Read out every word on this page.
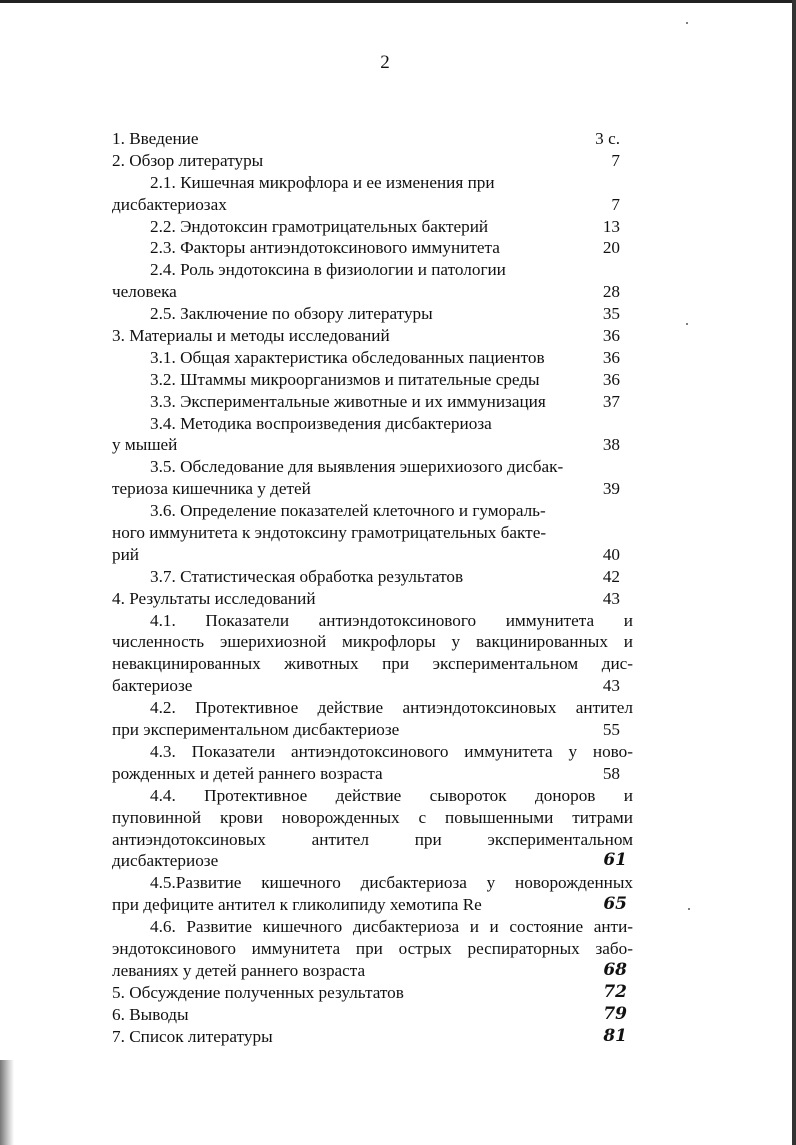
2
1. Введение	3 с.
2. Обзор литературы	7
2.1. Кишечная микрофлора и ее изменения при
дисбактериозах	7
2.2. Эндотоксин грамотрицательных бактерий	13
2.3. Факторы антиэндотоксинового иммунитета	20
2.4. Роль эндотоксина в физиологии и патологии
человека	28
2.5. Заключение по обзору литературы	35
3. Материалы и методы исследований	36
3.1. Общая характеристика обследованных пациентов	36
3.2. Штаммы микроорганизмов и питательные среды	36
3.3. Экспериментальные животные и их иммунизация	37
3.4. Методика воспроизведения дисбактериоза
у мышей	38
3.5. Обследование для выявления эшерихиозого дисбак-
териоза кишечника у детей	39
3.6. Определение показателей клеточного и гумораль-
ного иммунитета к эндотоксину грамотрицательных бакте-
рий	40
3.7. Статистическая обработка результатов	42
4. Результаты исследований	43
4.1. Показатели антиэндотоксинового иммунитета и
численность эшерихиозной микрофлоры у вакцинированных и
невакцинированных животных при экспериментальном дис-
бактериозе	43
4.2. Протективное действие антиэндотоксиновых антител
при экспериментальном дисбактериозе	55
4.3. Показатели антиэндотоксинового иммунитета у ново-
рожденных и детей раннего возраста	58
4.4. Протективное действие сывороток доноров и
пуповинной крови новорожденных с повышенными титрами
антиэндотоксиновых антител при экспериментальном
дисбактериозе	61
4.5.Развитие кишечного дисбактериоза у новорожденных
при дефиците антител к гликолипиду хемотипа Re	65
4.6. Развитие кишечного дисбактериоза и и состояние анти-
эндотоксинового иммунитета при острых респираторных забо-
леваниях у детей раннего возраста	68
5. Обсуждение полученных результатов	72
6. Выводы	79
7. Список литературы	81
